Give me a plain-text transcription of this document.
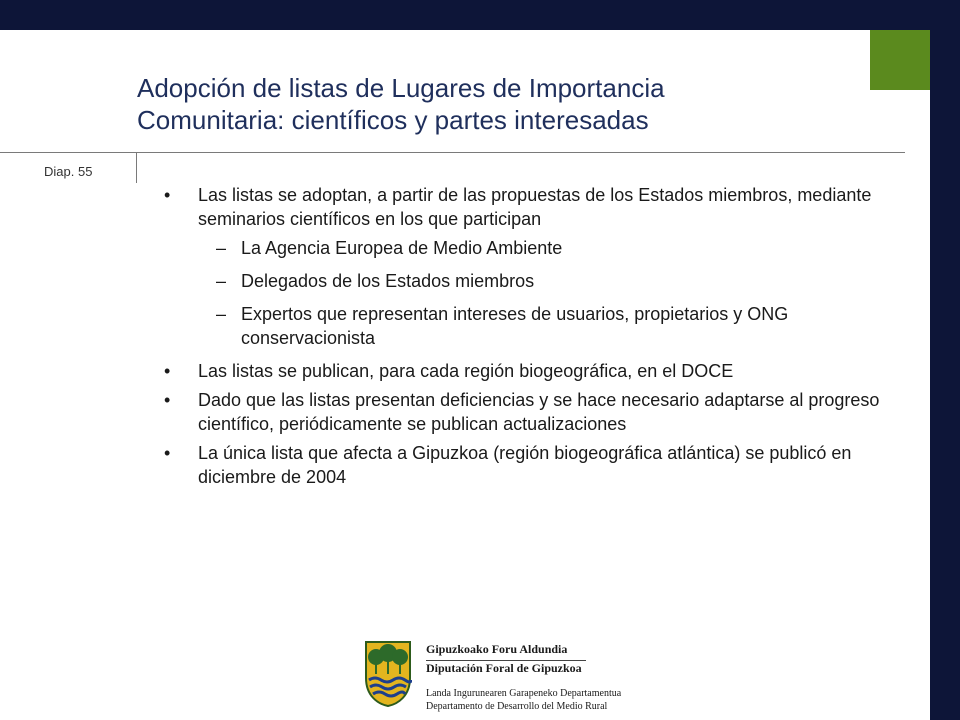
Adopción de listas de Lugares de Importancia
Comunitaria: científicos y partes interesadas
Diap. 55
• Las listas se adoptan, a partir de las propuestas de los Estados miembros, mediante seminarios científicos en los que participan
– La Agencia Europea de Medio Ambiente
– Delegados de los Estados miembros
– Expertos que representan intereses de usuarios, propietarios y ONG conservacionista
• Las listas se publican, para cada región biogeográfica, en el DOCE
• Dado que las listas presentan deficiencias y se hace necesario adaptarse al progreso científico, periódicamente se publican actualizaciones
• La única lista que afecta a Gipuzkoa (región biogeográfica atlántica) se publicó en diciembre de 2004
Gipuzkoako Foru Aldundia
Diputación Foral de Gipuzkoa
Landa Ingurunearen Garapeneko Departamentua
Departamento de Desarrollo del Medio Rural
